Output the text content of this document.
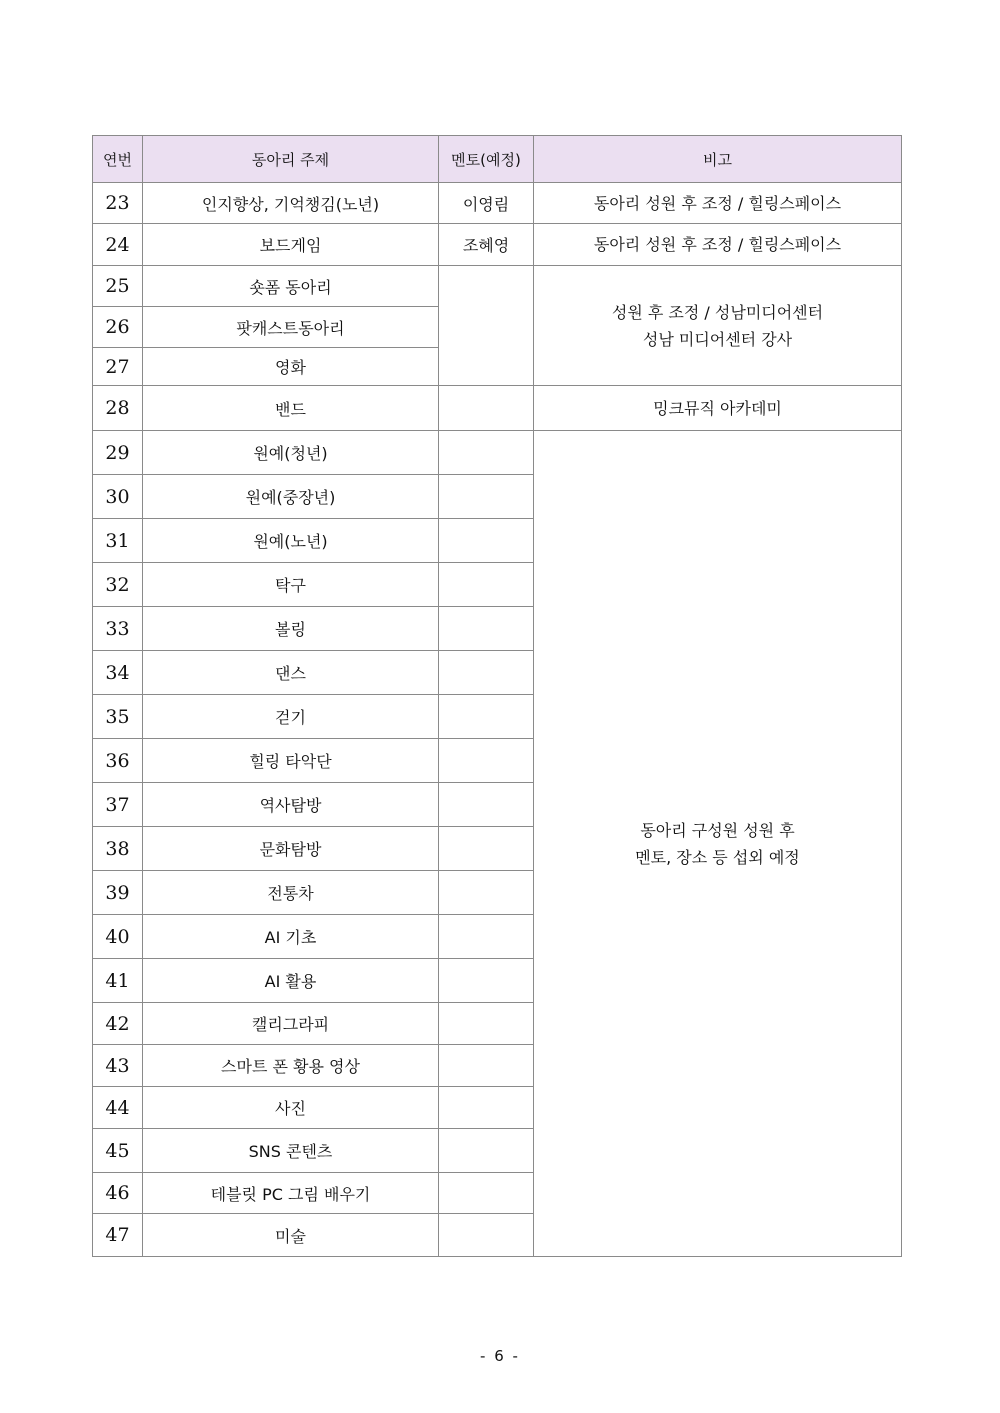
연번	동아리 주제	멘토(예정)	비고
23	인지향상, 기억챙김(노년)	이영림	동아리 성원 후 조정 / 힐링스페이스
24	보드게임	조혜영	동아리 성원 후 조정 / 힐링스페이스
25	숏폼 동아리		성원 후 조정 / 성남미디어센터
성남 미디어센터 강사

26	팟캐스트동아리		
27	영화		
28	밴드		밍크뮤직 아카데미
29	원예(청년)		동아리 구성원 성원 후
멘토, 장소 등 섭외 예정

30	원예(중장년)		
31	원예(노년)		
32	탁구		
33	볼링		
34	댄스		
35	걷기		
36	힐링 타악단		
37	역사탐방		
38	문화탐방		
39	전통차		
40	AI 기초		
41	AI 활용		
42	캘리그라피		
43	스마트 폰 황용 영상		
44	사진		
45	SNS 콘텐츠		
46	테블릿 PC 그림 배우기		
47	미술		
- 6 -
